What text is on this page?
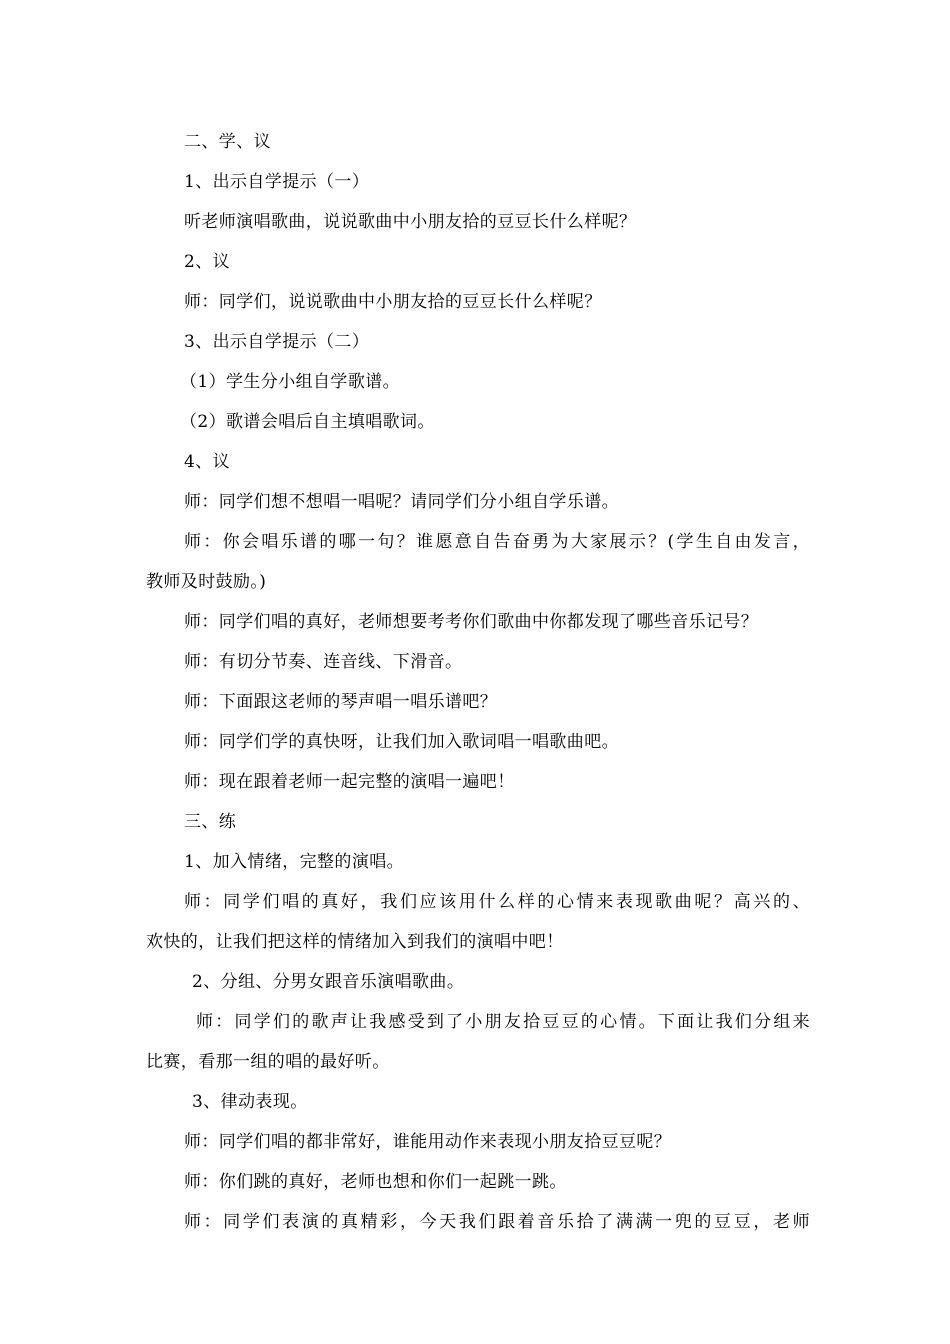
二、学、议
1、出示自学提示（一）
听老师演唱歌曲，说说歌曲中小朋友拾的豆豆长什么样呢？
2、议
师：同学们，说说歌曲中小朋友拾的豆豆长什么样呢？
3、出示自学提示（二）
（1）学生分小组自学歌谱。
（2）歌谱会唱后自主填唱歌词。
4、议
师：同学们想不想唱一唱呢？请同学们分小组自学乐谱。
师：你会唱乐谱的哪一句？谁愿意自告奋勇为大家展示？(学生自由发言，
教师及时鼓励。)
师：同学们唱的真好，老师想要考考你们歌曲中你都发现了哪些音乐记号？
师：有切分节奏、连音线、下滑音。
师：下面跟这老师的琴声唱一唱乐谱吧？
师：同学们学的真快呀，让我们加入歌词唱一唱歌曲吧。
师：现在跟着老师一起完整的演唱一遍吧！
三、练
1、加入情绪，完整的演唱。
师：同学们唱的真好，我们应该用什么样的心情来表现歌曲呢？高兴的、
欢快的，让我们把这样的情绪加入到我们的演唱中吧！
2、分组、分男女跟音乐演唱歌曲。
师：同学们的歌声让我感受到了小朋友拾豆豆的心情。下面让我们分组来
比赛，看那一组的唱的最好听。
3、律动表现。
师：同学们唱的都非常好，谁能用动作来表现小朋友拾豆豆呢？
师：你们跳的真好，老师也想和你们一起跳一跳。
师：同学们表演的真精彩，今天我们跟着音乐拾了满满一兜的豆豆，老师
